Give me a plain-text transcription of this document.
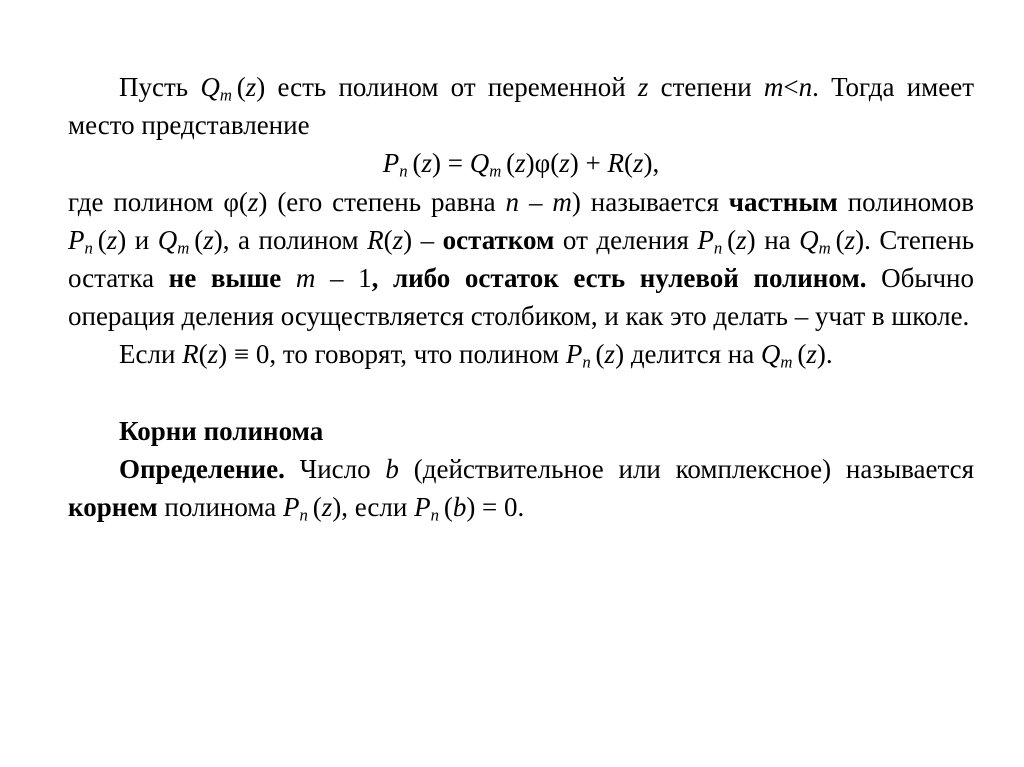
Пусть $Q_m$ (z) есть полином от переменной z степени m<n. Тогда имеет место представление

$P_n$ $(z) = Q_m$ (z)φ(z) + R(z),

где полином φ(z) (его степень равна n – m) называется частным полиномов $P_n$ (z) и $Q_m$ (z), а полином R(z) – остатком от деления $P_n$ (z) на $Q_m$ (z). Степень остатка не выше m – 1, либо остаток есть нулевой полином. Обычно операция деления осуществляется столбиком, и как это делать – учат в школе.

Если R(z) ≡ 0, то говорят, что полином $P_n$ (z) делится на $Q_m$ (z).

Корни полинома

Определение. Число b (действительное или комплексное) называется корнем полинома $P_n$ (z), если $P_n$ (b) = 0.
